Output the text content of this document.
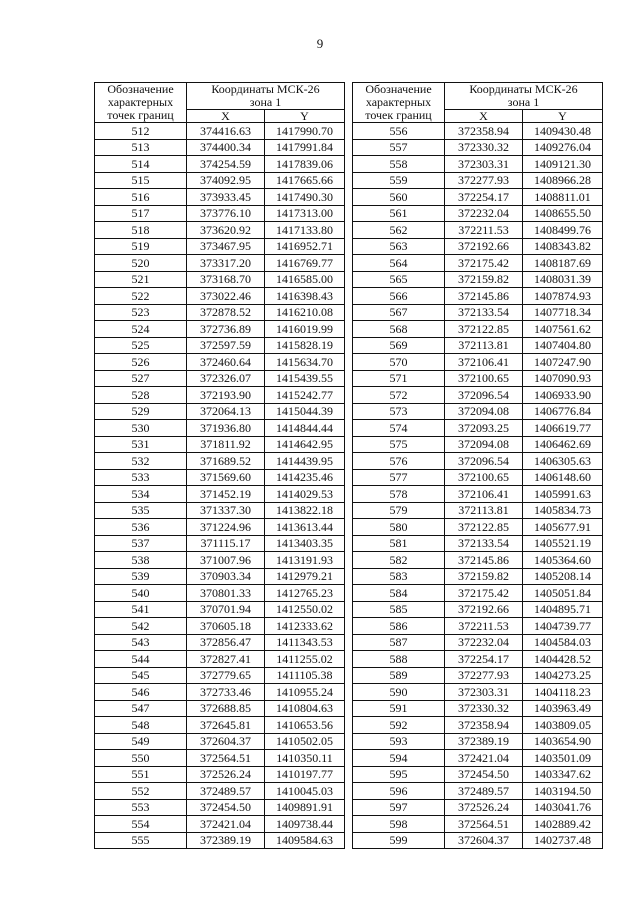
9
Обозначение
характерных
точек границ	Координаты МСК-26
зона 1	
	X	Y
512	374416.63	1417990.70
513	374400.34	1417991.84
514	374254.59	1417839.06
515	374092.95	1417665.66
516	373933.45	1417490.30
517	373776.10	1417313.00
518	373620.92	1417133.80
519	373467.95	1416952.71
520	373317.20	1416769.77
521	373168.70	1416585.00
522	373022.46	1416398.43
523	372878.52	1416210.08
524	372736.89	1416019.99
525	372597.59	1415828.19
526	372460.64	1415634.70
527	372326.07	1415439.55
528	372193.90	1415242.77
529	372064.13	1415044.39
530	371936.80	1414844.44
531	371811.92	1414642.95
532	371689.52	1414439.95
533	371569.60	1414235.46
534	371452.19	1414029.53
535	371337.30	1413822.18
536	371224.96	1413613.44
537	371115.17	1413403.35
538	371007.96	1413191.93
539	370903.34	1412979.21
540	370801.33	1412765.23
541	370701.94	1412550.02
542	370605.18	1412333.62
543	372856.47	1411343.53
544	372827.41	1411255.02
545	372779.65	1411105.38
546	372733.46	1410955.24
547	372688.85	1410804.63
548	372645.81	1410653.56
549	372604.37	1410502.05
550	372564.51	1410350.11
551	372526.24	1410197.77
552	372489.57	1410045.03
553	372454.50	1409891.91
554	372421.04	1409738.44
555	372389.19	1409584.63
Обозначение
характерных
точек границ	Координаты МСК-26
зона 1	
	X	Y
556	372358.94	1409430.48
557	372330.32	1409276.04
558	372303.31	1409121.30
559	372277.93	1408966.28
560	372254.17	1408811.01
561	372232.04	1408655.50
562	372211.53	1408499.76
563	372192.66	1408343.82
564	372175.42	1408187.69
565	372159.82	1408031.39
566	372145.86	1407874.93
567	372133.54	1407718.34
568	372122.85	1407561.62
569	372113.81	1407404.80
570	372106.41	1407247.90
571	372100.65	1407090.93
572	372096.54	1406933.90
573	372094.08	1406776.84
574	372093.25	1406619.77
575	372094.08	1406462.69
576	372096.54	1406305.63
577	372100.65	1406148.60
578	372106.41	1405991.63
579	372113.81	1405834.73
580	372122.85	1405677.91
581	372133.54	1405521.19
582	372145.86	1405364.60
583	372159.82	1405208.14
584	372175.42	1405051.84
585	372192.66	1404895.71
586	372211.53	1404739.77
587	372232.04	1404584.03
588	372254.17	1404428.52
589	372277.93	1404273.25
590	372303.31	1404118.23
591	372330.32	1403963.49
592	372358.94	1403809.05
593	372389.19	1403654.90
594	372421.04	1403501.09
595	372454.50	1403347.62
596	372489.57	1403194.50
597	372526.24	1403041.76
598	372564.51	1402889.42
599	372604.37	1402737.48
